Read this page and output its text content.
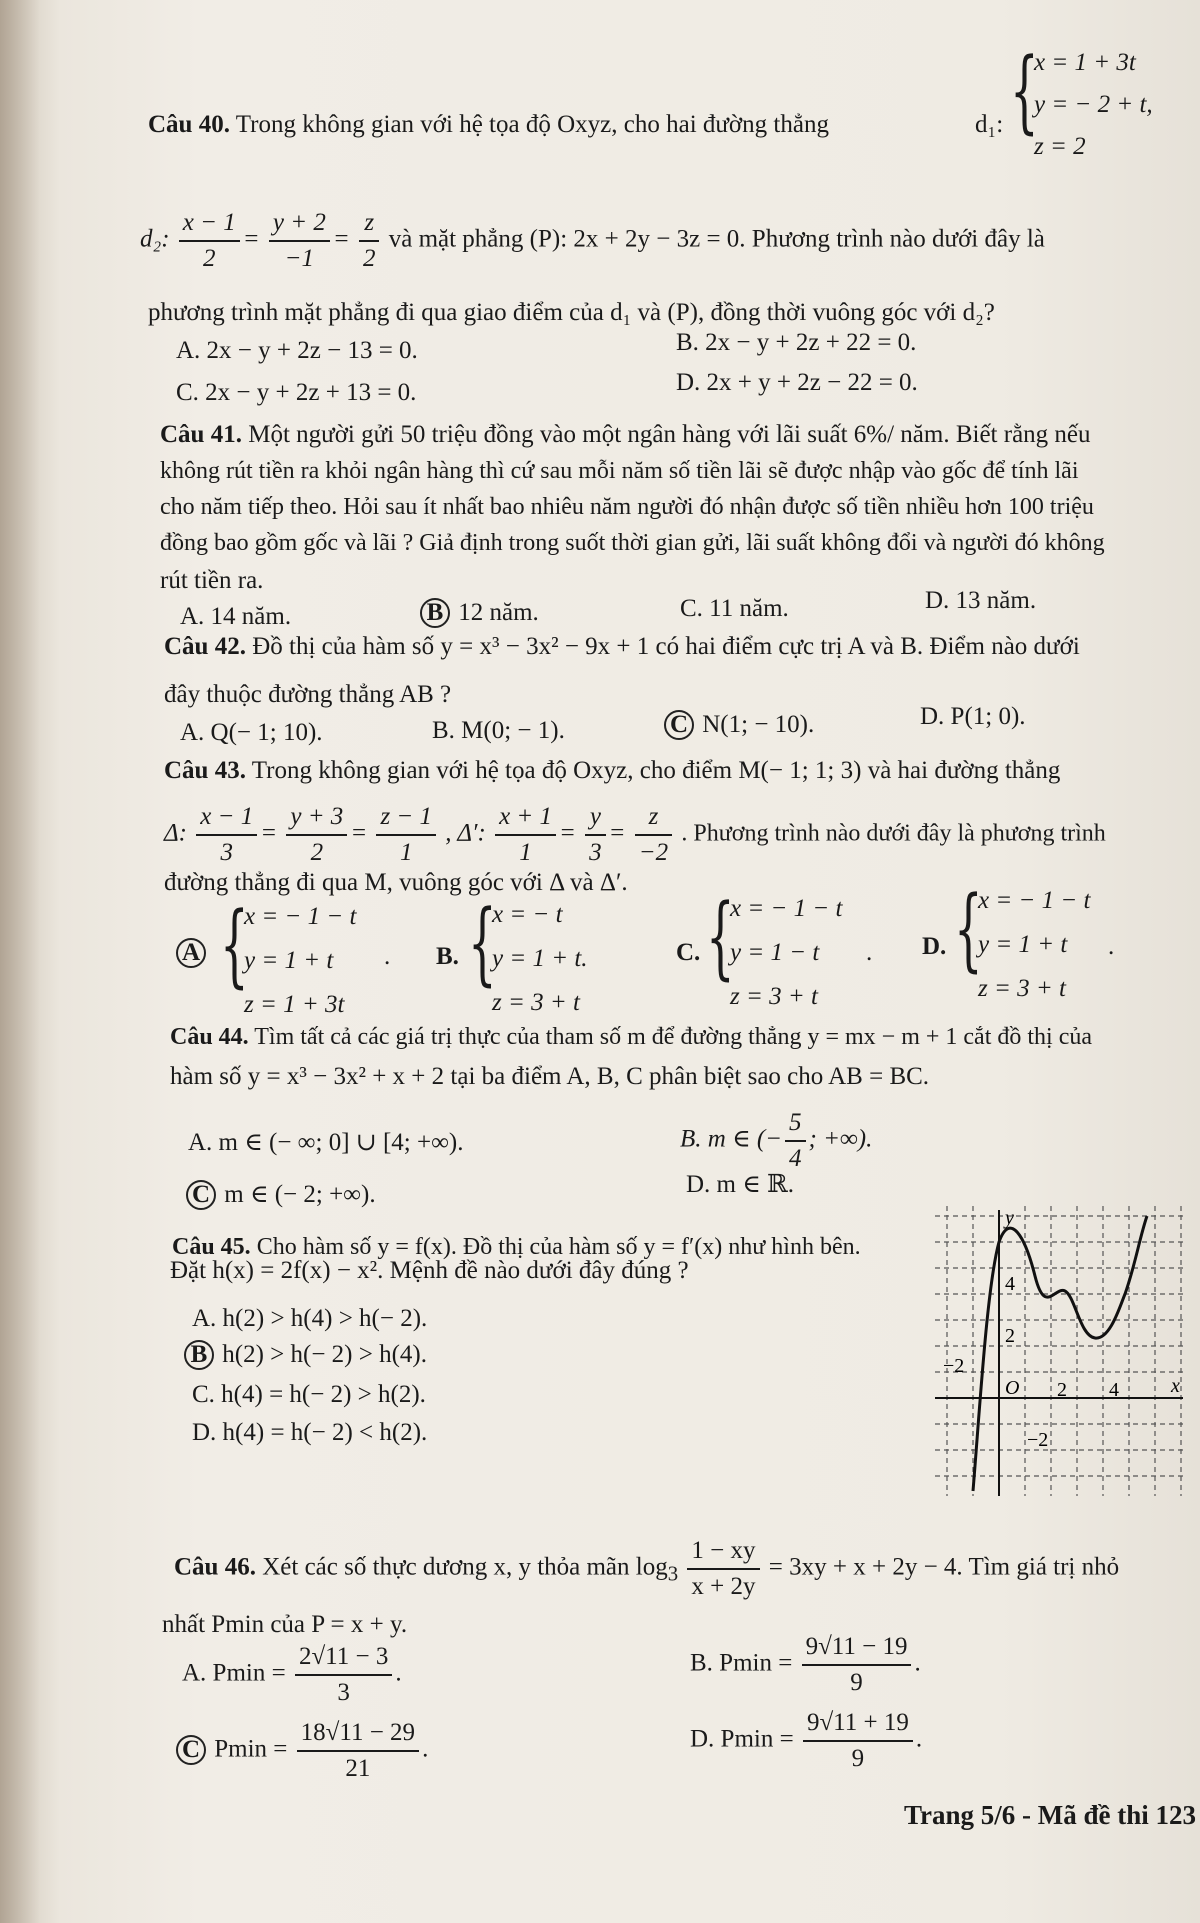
Câu 40. Trong không gian với hệ tọa độ Oxyz, cho hai đường thẳng	d₁: {
x = 1 + 3t
y = − 2 + t,
z = 2
d₂: $\frac{x - 1}{2} = \frac{y + 2}{-1} = \frac{z}{2}$ và mặt phẳng (P): 2x + 2y − 3z = 0. Phương trình nào dưới đây là
phương trình mặt phẳng đi qua giao điểm của d₁ và (P), đồng thời vuông góc với d₂?
A. 2x − y + 2z − 13 = 0.	B. 2x − y + 2z + 22 = 0.
C. 2x − y + 2z + 13 = 0.	D. 2x + y + 2z − 22 = 0.
Câu 41. Một người gửi 50 triệu đồng vào một ngân hàng với lãi suất 6%/ năm. Biết rằng nếu
không rút tiền ra khỏi ngân hàng thì cứ sau mỗi năm số tiền lãi sẽ được nhập vào gốc để tính lãi
cho năm tiếp theo. Hỏi sau ít nhất bao nhiêu năm người đó nhận được số tiền nhiều hơn 100 triệu
đồng bao gồm gốc và lãi ? Giả định trong suốt thời gian gửi, lãi suất không đổi và người đó không
rút tiền ra.
A. 14 năm.	B 12 năm.	C. 11 năm.	D. 13 năm.
Câu 42. Đồ thị của hàm số y = x³ − 3x² − 9x + 1 có hai điểm cực trị A và B. Điểm nào dưới
đây thuộc đường thẳng AB ?
A. Q(− 1; 10).	B. M(0; − 1).	C N(1; − 10).	D. P(1; 0).
Câu 43. Trong không gian với hệ tọa độ Oxyz, cho điểm M(− 1; 1; 3) và hai đường thẳng
Δ: $\frac{x - 1}{3} = \frac{y + 3}{2} = \frac{z - 1}{1}$ , Δ′: $\frac{x + 1}{1} = \frac{y}{3} = \frac{z}{-2}$ . Phương trình nào dưới đây là phương trình
đường thẳng đi qua M, vuông góc với Δ và Δ′.
A {
x = − 1 − t
y = 1 + t
z = 1 + 3t
. B. {
x = − t
y = 1 + t.
z = 3 + t
C. {
x = − 1 − t
y = 1 − t
z = 3 + t
. D. {
x = − 1 − t
y = 1 + t
z = 3 + t
.
Câu 44. Tìm tất cả các giá trị thực của tham số m để đường thẳng y = mx − m + 1 cắt đồ thị của
hàm số y = x³ − 3x² + x + 2 tại ba điểm A, B, C phân biệt sao cho AB = BC.
A. m ∈ (− ∞; 0] ∪ [4; +∞).	B. m ∈ (− $\frac{5}{4}$ ; +∞).
C m ∈ (− 2; +∞).	D. m ∈ ℝ.
Câu 45. Cho hàm số y = f(x). Đồ thị của hàm số y = f′(x) như hình bên.
Đặt h(x) = 2f(x) − x². Mệnh đề nào dưới đây đúng ?
A. h(2) > h(4) > h(− 2).
B h(2) > h(− 2) > h(4).
C. h(4) = h(− 2) > h(2).
D. h(4) = h(− 2) < h(2).
y
x
O
4
2
−2
2 4
−2
Câu 46. Xét các số thực dương x, y thỏa mãn $\log_3 \frac{1 - xy}{x + 2y} = 3xy + x + 2y - 4$. Tìm giá trị nhỏ
nhất Pmin của P = x + y.
A. $Pmin = \frac{2√11 - 3}{3}$ .	B. $Pmin = \frac{9√11 - 19}{9}$ .
C $Pmin = \frac{18√11 - 29}{21}$ .	D. $Pmin = \frac{9√11 + 19}{9}$ .
Trang 5/6 - Mã đề thi 123
